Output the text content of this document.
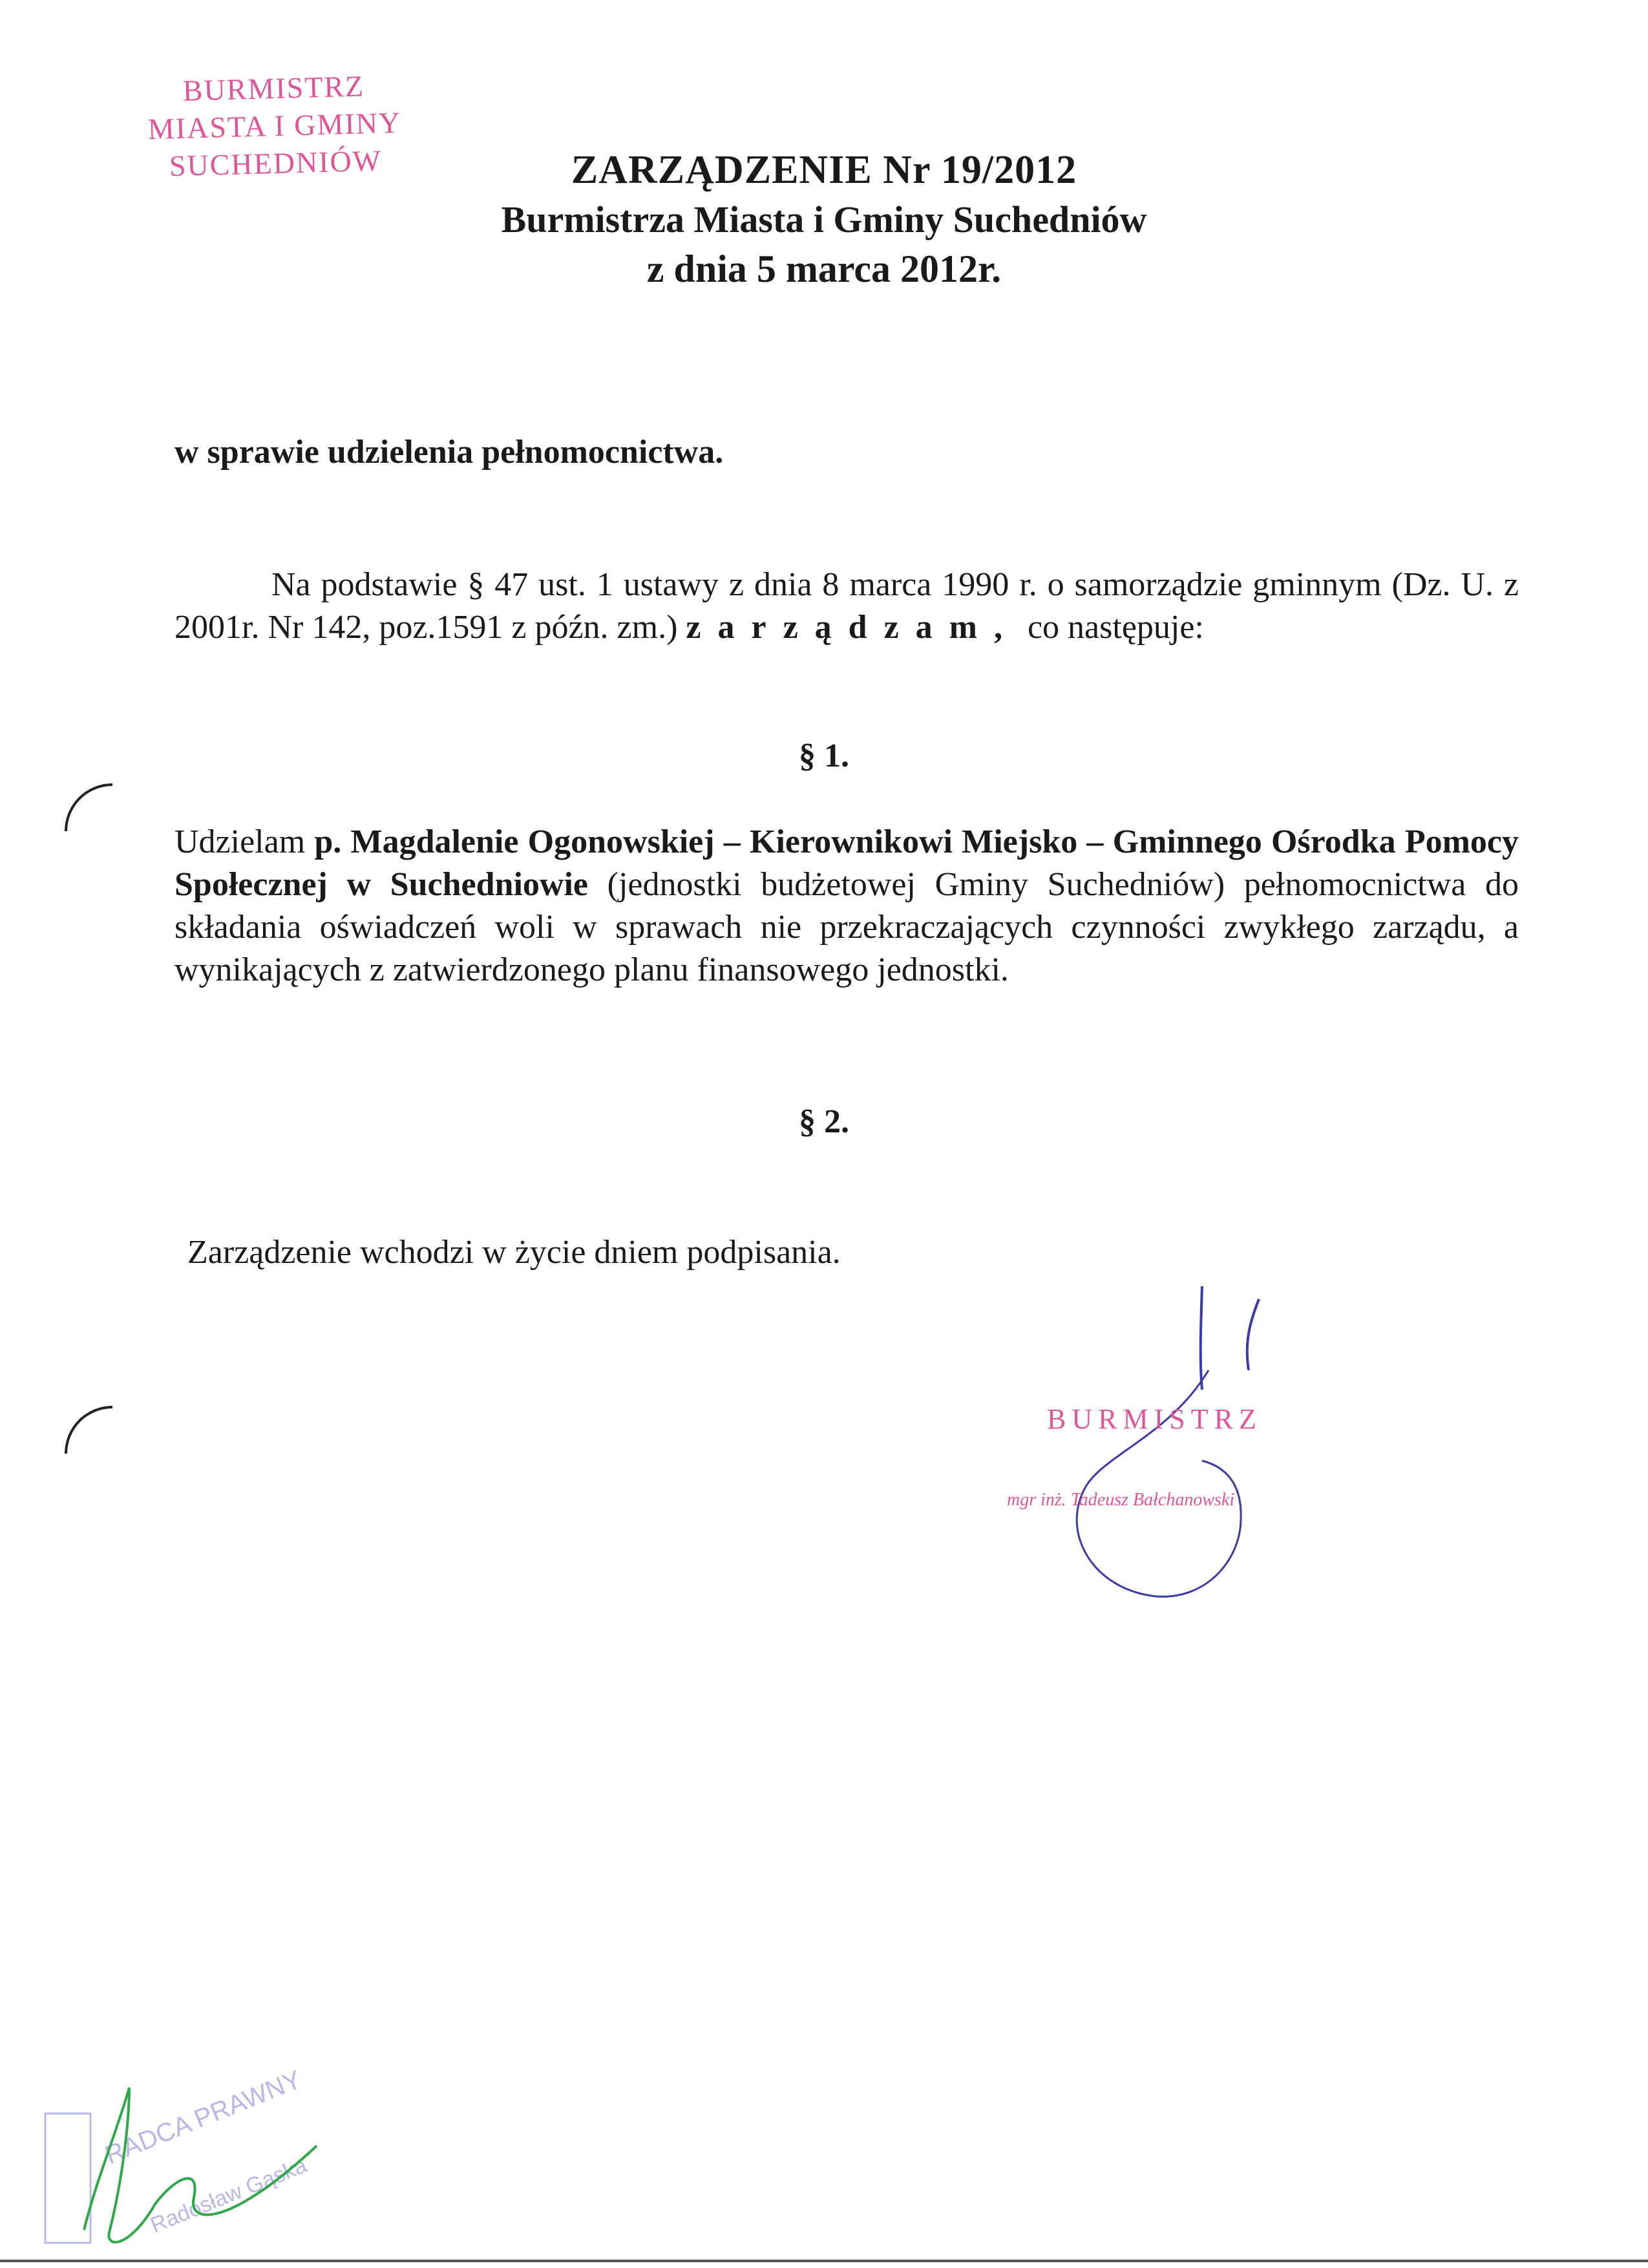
BURMISTRZ
MIASTA I GMINY
SUCHEDNIÓW	ZARZĄDZENIE Nr 19/2012
Burmistrza Miasta i Gminy Suchedniów
z dnia 5 marca 2012r.
w sprawie udzielenia pełnomocnictwa.
Na podstawie § 47 ust. 1 ustawy z dnia 8 marca 1990 r. o samorządzie gminnym (Dz. U. z 2001r. Nr 142, poz.1591 z późn. zm.) zarządzam, co następuje:
§ 1.
Udzielam p. Magdalenie Ogonowskiej – Kierownikowi Miejsko – Gminnego Ośrodka Pomocy Społecznej w Suchedniowie (jednostki budżetowej Gminy Suchedniów) pełnomocnictwa do składania oświadczeń woli w sprawach nie przekraczających czynności zwykłego zarządu, a wynikających z zatwierdzonego planu finansowego jednostki.
§ 2.
Zarządzenie wchodzi w życie dniem podpisania.
BURMISTRZ
mgr inż. Tadeusz Bałchanowski
RADCA PRAWNY
Radosław Gąska
